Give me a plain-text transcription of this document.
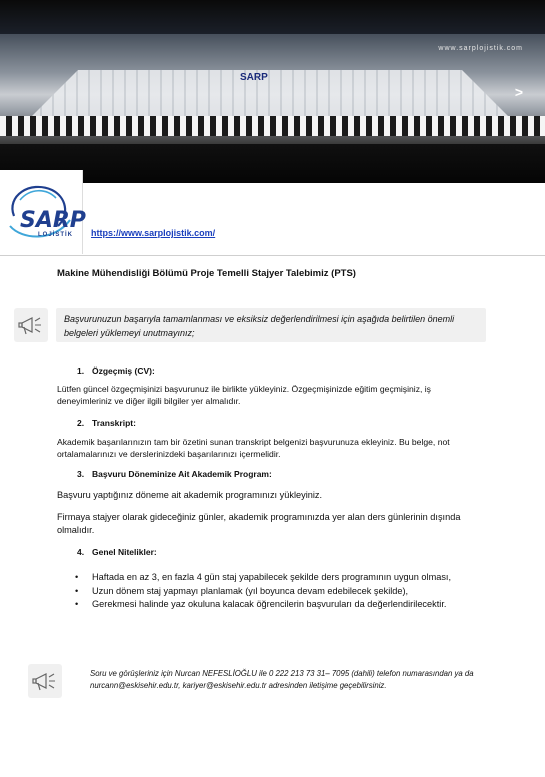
SARP
www.sarplojistik.com
>
SARP
LOJİSTİK https://www.sarplojistik.com/
Makine Mühendisliği Bölümü Proje Temelli Stajyer Talebimiz (PTS)
Başvurunuzun başarıyla tamamlanması ve eksiksiz değerlendirilmesi için aşağıda belirtilen önemli belgeleri yüklemeyi unutmayınız;
1. Özgeçmiş (CV):
Lütfen güncel özgeçmişinizi başvurunuz ile birlikte yükleyiniz. Özgeçmişinizde eğitim geçmişiniz, iş deneyimleriniz ve diğer ilgili bilgiler yer almalıdır.
2. Transkript:
Akademik başarılarınızın tam bir özetini sunan transkript belgenizi başvurunuza ekleyiniz. Bu belge, not ortalamalarınızı ve derslerinizdeki başarılarınızı içermelidir.
3. Başvuru Döneminize Ait Akademik Program:
Başvuru yaptığınız döneme ait akademik programınızı yükleyiniz.
Firmaya stajyer olarak gideceğiniz günler, akademik programınızda yer alan ders günlerinin dışında olmalıdır.
4. Genel Nitelikler:
• Haftada en az 3, en fazla 4 gün staj yapabilecek şekilde ders programının uygun olması,
• Uzun dönem staj yapmayı planlamak (yıl boyunca devam edebilecek şekilde),
• Gerekmesi halinde yaz okuluna kalacak öğrencilerin başvuruları da değerlendirilecektir.
Soru ve görüşleriniz için Nurcan NEFESLİOĞLU ile 0 222 213 73 31– 7095 (dahili) telefon numarasından ya da nurcann@eskisehir.edu.tr, kariyer@eskisehir.edu.tr adresinden iletişime geçebilirsiniz.
